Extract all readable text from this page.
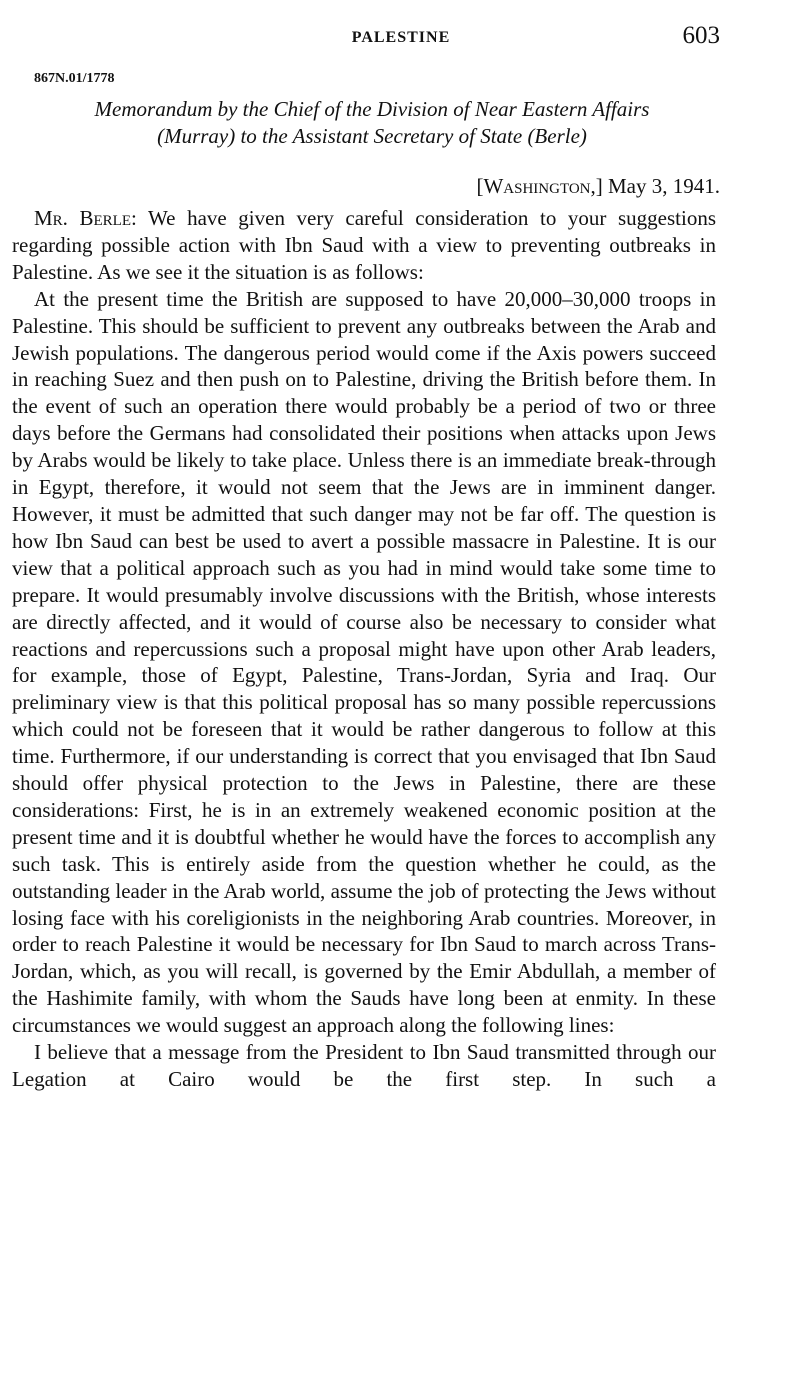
PALESTINE	603
867N.01/1778
Memorandum by the Chief of the Division of Near Eastern Affairs
(Murray) to the Assistant Secretary of State (Berle)
[Washington,] May 3, 1941.

Mr. Berle: We have given very careful consideration to your suggestions regarding possible action with Ibn Saud with a view to preventing outbreaks in Palestine. As we see it the situation is as follows:

At the present time the British are supposed to have 20,000–30,000 troops in Palestine. This should be sufficient to prevent any outbreaks between the Arab and Jewish populations. The dangerous period would come if the Axis powers succeed in reaching Suez and then push on to Palestine, driving the British before them. In the event of such an operation there would probably be a period of two or three days before the Germans had consolidated their positions when attacks upon Jews by Arabs would be likely to take place. Unless there is an immediate break-through in Egypt, therefore, it would not seem that the Jews are in imminent danger. However, it must be admitted that such danger may not be far off. The question is how Ibn Saud can best be used to avert a possible massacre in Palestine. It is our view that a political approach such as you had in mind would take some time to prepare. It would presumably involve discussions with the British, whose interests are directly affected, and it would of course also be necessary to consider what reactions and repercussions such a proposal might have upon other Arab leaders, for example, those of Egypt, Palestine, Trans-Jordan, Syria and Iraq. Our preliminary view is that this political proposal has so many possible repercussions which could not be foreseen that it would be rather dangerous to follow at this time. Furthermore, if our understanding is correct that you envisaged that Ibn Saud should offer physical protection to the Jews in Palestine, there are these considerations: First, he is in an extremely weakened economic position at the present time and it is doubtful whether he would have the forces to accomplish any such task. This is entirely aside from the question whether he could, as the outstanding leader in the Arab world, assume the job of protecting the Jews without losing face with his coreligionists in the neighboring Arab countries. Moreover, in order to reach Palestine it would be necessary for Ibn Saud to march across Trans-Jordan, which, as you will recall, is governed by the Emir Abdullah, a member of the Hashimite family, with whom the Sauds have long been at enmity. In these circumstances we would suggest an approach along the following lines:

I believe that a message from the President to Ibn Saud transmitted through our Legation at Cairo would be the first step. In such a
